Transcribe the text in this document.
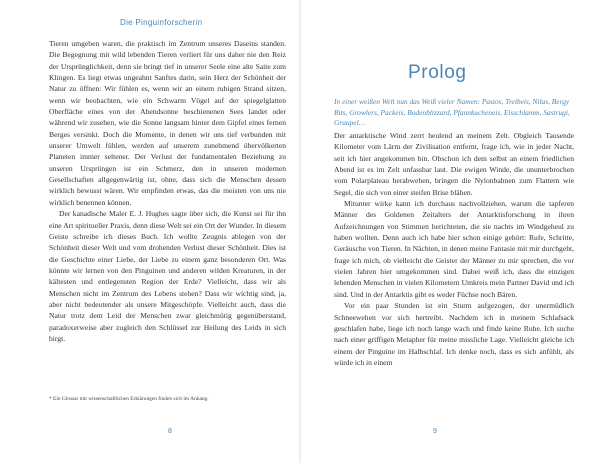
Die Pinguinforscherin

Tieren umgeben waren, die praktisch im Zentrum unseres Daseins standen. Die Begegnung mit wild lebenden Tieren verliert für uns daher nie den Reiz der Ursprünglichkeit, denn sie bringt tief in unserer Seele eine alte Saite zum Klingen. Es liegt etwas ungeahnt Sanftes darin, sein Herz der Schönheit der Natur zu öffnen: Wir fühlen es, wenn wir an einem ruhigen Strand sitzen, wenn wir beobachten, wie ein Schwarm Vögel auf der spiegelglatten Oberfläche eines von der Abendsonne beschienenen Sees landet oder während wir zusehen, wie die Sonne langsam hinter dem Gipfel eines fernen Berges versinkt. Doch die Momente, in denen wir uns tief verbunden mit unserer Umwelt fühlen, werden auf unserem zunehmend übervölkerten Planeten immer seltener. Der Verlust der fundamentalen Beziehung zu unseren Ursprüngen ist ein Schmerz, den in unseren modernen Gesellschaften allgegenwärtig ist, ohne, dass sich die Menschen dessen wirklich bewusst wären. Wir empfinden etwas, das die meisten von uns nie wirklich benennen können.

Der kanadische Maler E. J. Hughes sagte über sich, die Kunst sei für ihn eine Art spiritueller Praxis, denn diese Welt sei ein Ort der Wunder. In diesem Geiste schreibe ich dieses Buch. Ich wollte Zeugnis ablegen von der Schönheit dieser Welt und vom drohenden Verlust dieser Schönheit. Dies ist die Geschichte einer Liebe, der Liebe zu einem ganz besonderen Ort. Was könnte wir lernen von den Pinguinen und anderen wilden Kreaturen, in der kältesten und entlegensten Region der Erde? Vielleicht, dass wir als Menschen nicht im Zentrum des Lebens stehen? Dass wir wichtig sind, ja, aber nicht bedeutender als unsere Mitgeschöpfe. Vielleicht auch, dass die Natur trotz dem Leid der Menschen zwar gleichmütig gegenüberstand, paradoxerweise aber zugleich den Schlüssel zur Heilung des Leids in sich birgt.

* Ein Glossar mit wissenschaftlichen Erklärungen finden sich im Anhang.
8
Prolog
In einer weißen Welt nun das Weiß vieler Namen: Pastos, Treibeis, Nilas, Bergy Bits, Growlers, Packeis, Bodenblizzard, Pfannkucheneis, Eisschlamm, Sastrugi, Graupel…

Der antarktische Wind zerrt heulend an meinem Zelt. Obgleich Tausende Kilometer vom Lärm der Zivilisation entfernt, frage ich, wie in jeder Nacht, seit ich hier angekommen bin. Obschon ich dem selbst an einem friedlichen Abend ist es im Zelt unfassbar laut. Die ewigen Winde, die ununterbrochen vom Polarplateau herabwehen, bringen die Nylonbahnen zum Flattern wie Segel, die sich von einer steifen Brise blähen.

Mitunter wirke kann ich durchaus nachvollziehen, warum die tapferen Männer des Goldenen Zeitalters der Antarktisforschung in ihren Aufzeichnungen von Stimmen berichteten, die sie nachts im Windgeheul zu haben wollten. Denn auch ich habe hier schon einige gehört: Rufe, Schritte, Geräusche von Tieren. In Nächten, in denen meine Fantasie mit mir durchgeht, frage ich mich, ob vielleicht die Geister der Männer zu mir sprechen, die vor vielen Jahren hier umgekommen sind. Dabei weiß ich, dass die einzigen lebenden Menschen in vielen Kilometern Umkreis mein Partner David und ich sind. Und in der Antarktis gibt es weder Füchse noch Bären.

Vor ein paar Stunden ist ein Sturm aufgezogen, der unermüdlich Schneewehen vor sich hertreibt. Nachdem ich in meinem Schlafsack geschlafen habe, liege ich noch lange wach und finde keine Ruhe. Ich suche nach einer griffigen Metapher für meine missliche Lage. Vielleicht gleiche ich einem der Pinguine im Halbschlaf. Ich denke noch, dass es sich anfühlt, als würde ich in einem

9
